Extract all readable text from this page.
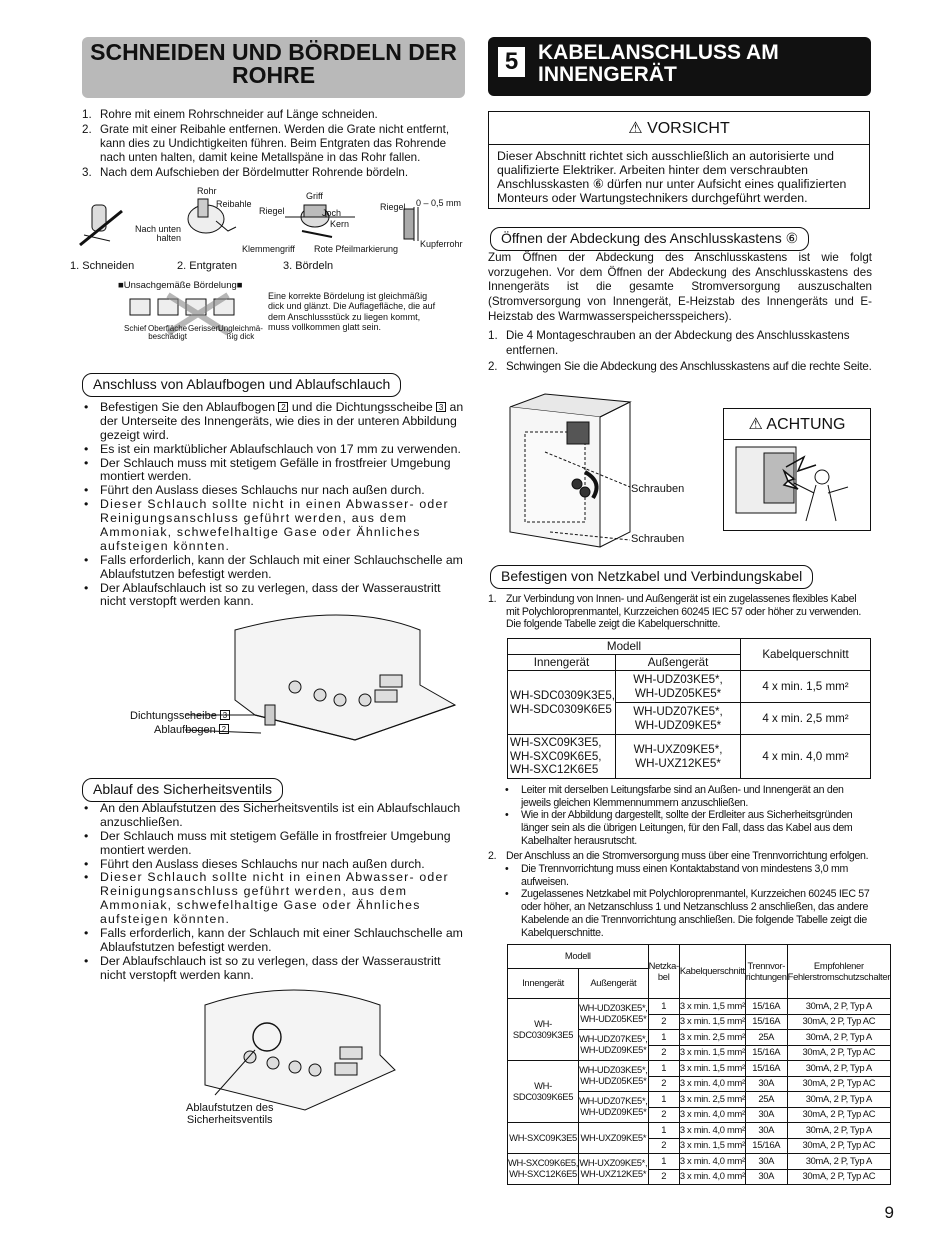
SCHNEIDEN UND BÖRDELN DER ROHRE
1. Rohre mit einem Rohrschneider auf Länge schneiden.
2. Grate mit einer Reibahle entfernen. Werden die Grate nicht entfernt, kann dies zu Undichtigkeiten führen. Beim Entgraten das Rohrende nach unten halten, damit keine Metallspäne in das Rohr fallen.
3. Nach dem Aufschieben der Bördelmutter Rohrende bördeln.
Rohr
Reibahle
Nach unten
halten
Griff
Riegel	Joch
Kern
Klemmengriff Rote Pfeilmarkierung
Riegel 0 – 0,5 mm
Kupferrohr
1. Schneiden	2. Entgraten	3. Bördeln
■Unsachgemäße Bördelung■
Schief Oberfläche
beschädigt
Gerissen
Ungleichmä-
ßig dick
Eine korrekte Bördelung ist gleichmäßig dick und glänzt. Die Auflagefläche, die auf dem Anschlussstück zu liegen kommt, muss vollkommen glatt sein.
Anschluss von Ablaufbogen und Ablaufschlauch
• Befestigen Sie den Ablaufbogen 2 und die Dichtungsscheibe 3 an der Unterseite des Innengeräts, wie dies in der unteren Abbildung gezeigt wird.
• Es ist ein marktüblicher Ablaufschlauch von 17 mm zu verwenden.
• Der Schlauch muss mit stetigem Gefälle in frostfreier Umgebung montiert werden.
• Führt den Auslass dieses Schlauchs nur nach außen durch.
• Dieser Schlauch sollte nicht in einen Abwasser- oder Reinigungsanschluss geführt werden, aus dem Ammoniak, schwefelhaltige Gase oder Ähnliches aufsteigen könnten.
• Falls erforderlich, kann der Schlauch mit einer Schlauchschelle am Ablaufstutzen befestigt werden.
• Der Ablaufschlauch ist so zu verlegen, dass der Wasseraustritt nicht verstopft werden kann.
Dichtungsscheibe 3
Ablaufbogen 2
Ablauf des Sicherheitsventils
• An den Ablaufstutzen des Sicherheitsventils ist ein Ablaufschlauch anzuschließen.
• Der Schlauch muss mit stetigem Gefälle in frostfreier Umgebung montiert werden.
• Führt den Auslass dieses Schlauchs nur nach außen durch.
• Dieser Schlauch sollte nicht in einen Abwasser- oder Reinigungsanschluss geführt werden, aus dem Ammoniak, schwefelhaltige Gase oder Ähnliches aufsteigen könnten.
• Falls erforderlich, kann der Schlauch mit einer Schlauchschelle am Ablaufstutzen befestigt werden.
• Der Ablaufschlauch ist so zu verlegen, dass der Wasseraustritt nicht verstopft werden kann.
Ablaufstutzen des
Sicherheitsventils
5 KABELANSCHLUSS AM INNENGERÄT
⚠ VORSICHT
Dieser Abschnitt richtet sich ausschließlich an autorisierte und qualifizierte Elektriker. Arbeiten hinter dem verschraubten Anschlusskasten ⑥ dürfen nur unter Aufsicht eines qualifizierten Monteurs oder Wartungstechnikers durchgeführt werden.
Öffnen der Abdeckung des Anschlusskastens ⑥
Zum Öffnen der Abdeckung des Anschlusskastens ist wie folgt vorzugehen. Vor dem Öffnen der Abdeckung des Anschlusskastens des Innengeräts ist die gesamte Stromversorgung auszuschalten (Stromversorgung von Innengerät, E-Heizstab des Innengeräts und E-Heizstab des Warmwasserspeichersspeichers).
1. Die 4 Montageschrauben an der Abdeckung des Anschlusskastens entfernen.
2. Schwingen Sie die Abdeckung des Anschlusskastens auf die rechte Seite.
Schrauben
Schrauben
⚠ ACHTUNG
Befestigen von Netzkabel und Verbindungskabel
1. Zur Verbindung von Innen- und Außengerät ist ein zugelassenes flexibles Kabel mit Polychloroprenmantel, Kurzzeichen 60245 IEC 57 oder höher zu verwenden. Die folgende Tabelle zeigt die Kabelquerschnitte.
Modell		Kabelquerschnitt
Innengerät	Außengerät	
WH-SDC0309K3E5,
WH-SDC0309K6E5	WH-UDZ03KE5*,
WH-UDZ05KE5*	4 x min. 1,5 mm²
	WH-UDZ07KE5*,
WH-UDZ09KE5*	4 x min. 2,5 mm²
WH-SXC09K3E5,
WH-SXC09K6E5,
WH-SXC12K6E5	WH-UXZ09KE5*,
WH-UXZ12KE5*	4 x min. 4,0 mm²
• Leiter mit derselben Leitungsfarbe sind an Außen- und Innengerät an den jeweils gleichen Klemmennummern anzuschließen.
• Wie in der Abbildung dargestellt, sollte der Erdleiter aus Sicherheitsgründen länger sein als die übrigen Leitungen, für den Fall, dass das Kabel aus dem Kabelhalter herausrutscht.
2. Der Anschluss an die Stromversorgung muss über eine Trennvorrichtung erfolgen.
• Die Trennvorrichtung muss einen Kontaktabstand von mindestens 3,0 mm aufweisen.
• Zugelassenes Netzkabel mit Polychloroprenmantel, Kurzzeichen 60245 IEC 57 oder höher, an Netzanschluss 1 und Netzanschluss 2 anschließen, das andere Kabelende an die Trennvorrichtung anschließen. Die folgende Tabelle zeigt die Kabelquerschnitte.
Modell		Netzka-
bel	Kabelquerschnitt	Trennvor-
richtungen	Empfohlener
Fehlerstromschutzschalter
Innengerät	Außengerät				
WH-SDC0309K3E5	WH-UDZ03KE5*,
WH-UDZ05KE5*	1	3 x min. 1,5 mm²	15/16A	30mA, 2 P, Typ A
		2	3 x min. 1,5 mm²	15/16A	30mA, 2 P, Typ AC
	WH-UDZ07KE5*,
WH-UDZ09KE5*	1	3 x min. 2,5 mm²	25A	30mA, 2 P, Typ A
		2	3 x min. 1,5 mm²	15/16A	30mA, 2 P, Typ AC
WH-SDC0309K6E5	WH-UDZ03KE5*,
WH-UDZ05KE5*	1	3 x min. 1,5 mm²	15/16A	30mA, 2 P, Typ A
		2	3 x min. 4,0 mm²	30A	30mA, 2 P, Typ AC
	WH-UDZ07KE5*,
WH-UDZ09KE5*	1	3 x min. 2,5 mm²	25A	30mA, 2 P, Typ A
		2	3 x min. 4,0 mm²	30A	30mA, 2 P, Typ AC
WH-SXC09K3E5	WH-UXZ09KE5*	1	3 x min. 4,0 mm²	30A	30mA, 2 P, Typ A
		2	3 x min. 1,5 mm²	15/16A	30mA, 2 P, Typ AC
WH-SXC09K6E5,
WH-SXC12K6E5	WH-UXZ09KE5*,
WH-UXZ12KE5*	1	3 x min. 4,0 mm²	30A	30mA, 2 P, Typ A
		2	3 x min. 4,0 mm²	30A	30mA, 2 P, Typ AC
9
